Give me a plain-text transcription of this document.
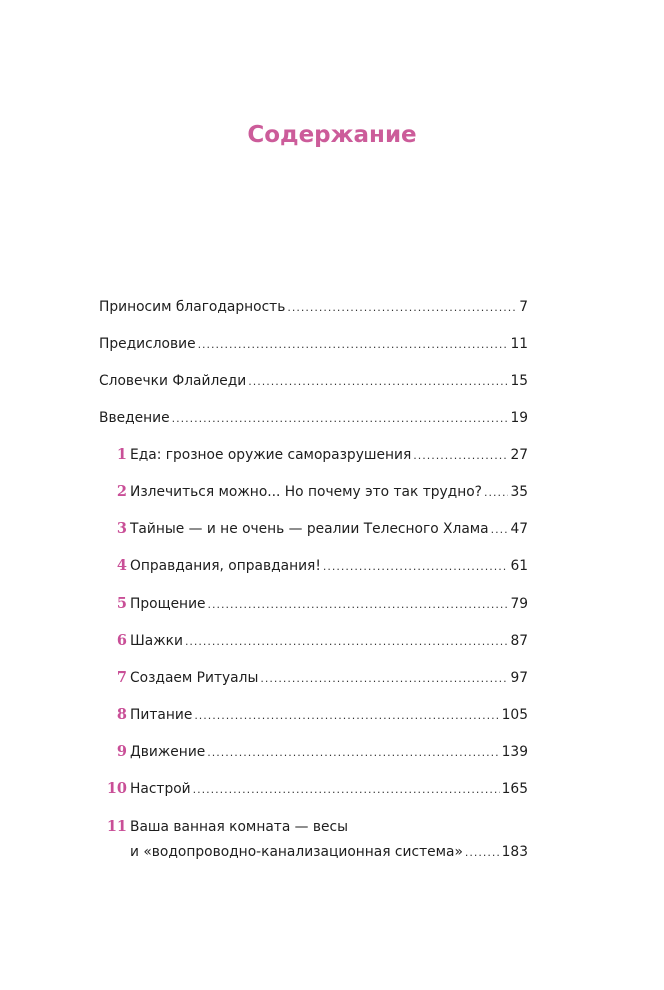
Содержание
Приносим благодарность .....	7
Предисловие .....	11
Словечки Флайледи .....	15
Введение .....	19
1 Еда: грозное оружие саморазрушения .....	27
2 Излечиться можно... Но почему это так трудно? ..... 35
3 Тайные — и не очень — реалии Телесного Хлама ..... 47
4 Оправдания, оправдания! .....	61
5 Прощение .....	79
6 Шажки .....	87
7 Создаем Ритуалы .....	97
8 Питание .....	105
9 Движение .....	139
10 Настрой .....	165
11 Ваша ванная комната — весы
и «водопроводно-канализационная система» .....	183
